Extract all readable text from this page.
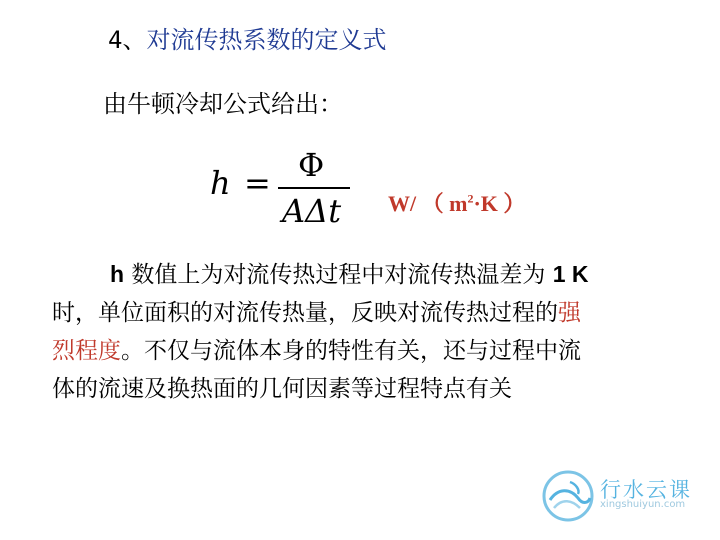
4、对流传热系数的定义式
由牛顿冷却公式给出：
h = Φ
AΔt W/ （ $m^2\cdot K$ ）

h 数值上为对流传热过程中对流传热温差为 1 K

时，单位面积的对流传热量，反映对流传热过程的强

烈程度。不仅与流体本身的特性有关，还与过程中流

体的流速及换热面的几何因素等过程特点有关

行水云课
xingshuiyun.com
